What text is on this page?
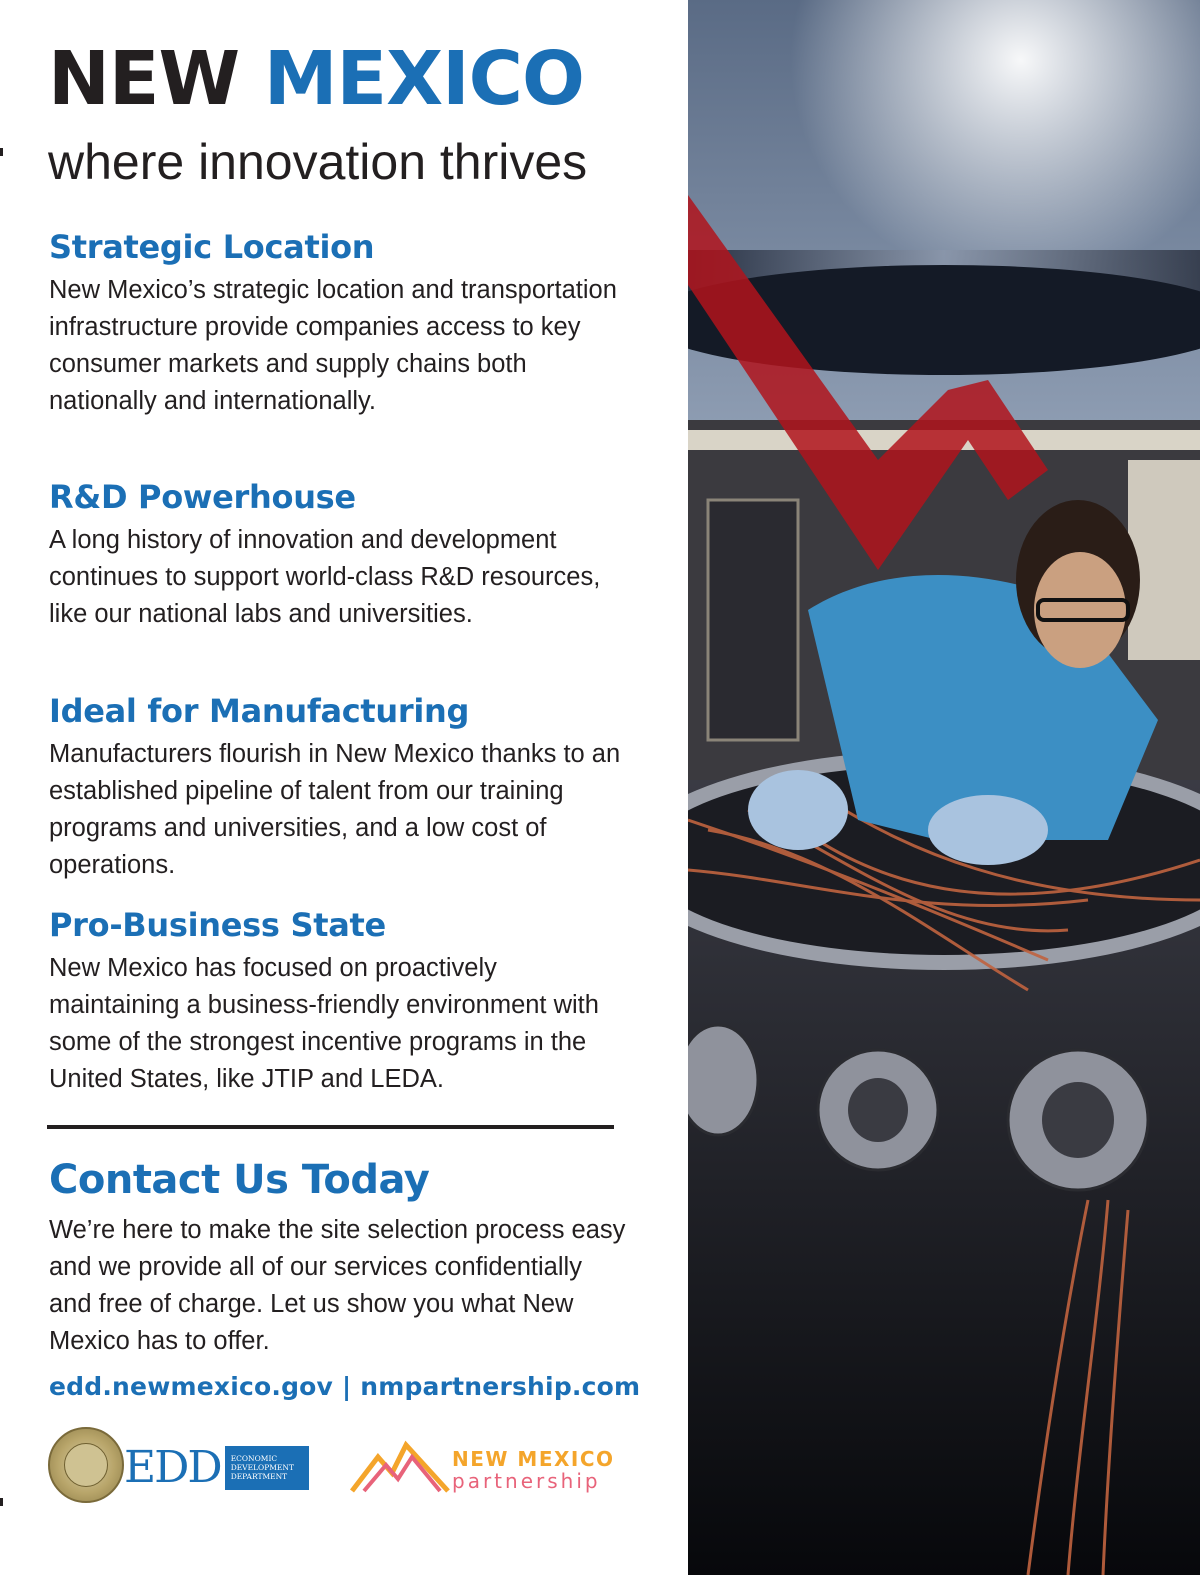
NEW MEXICO
where innovation thrives
Strategic Location

New Mexico’s strategic location and transportation infrastructure provide companies access to key consumer markets and supply chains both nationally and internationally.

R&D Powerhouse

A long history of innovation and development continues to support world-class R&D resources, like our national labs and universities.

Ideal for Manufacturing

Manufacturers flourish in New Mexico thanks to an established pipeline of talent from our training programs and universities, and a low cost of operations.

Pro-Business State

New Mexico has focused on proactively maintaining a business-friendly environment with some of the strongest incentive programs in the United States, like JTIP and LEDA.

Contact Us Today

We’re here to make the site selection process easy and we provide all of our services confidentially and free of charge. Let us show you what New Mexico has to offer.

edd.newmexico.gov | nmpartnership.com
EDD	ECONOMIC
DEVELOPMENT
DEPARTMENT
NEW MEXICO
partnership
